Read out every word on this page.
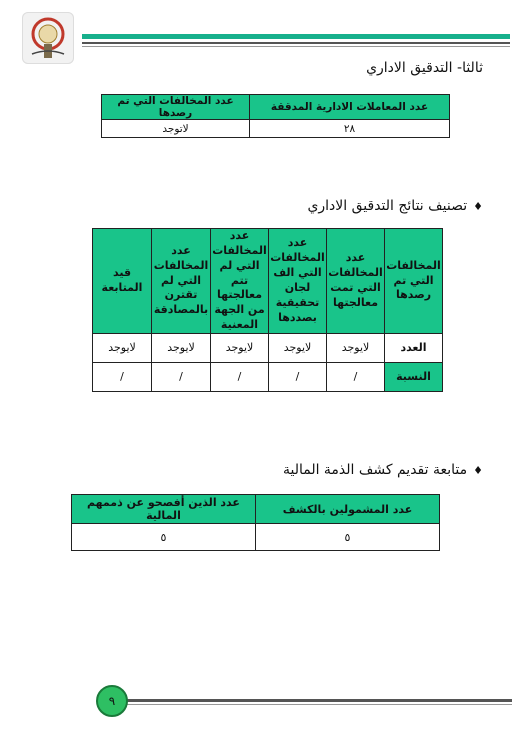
ثالثا- التدقيق الاداري
عدد المعاملات الادارية المدققة	عدد المخالفات التي تم رصدها
٢٨	لاتوجد
♦تصنيف نتائج التدقيق الاداري
المخالفات التي تم رصدها	عدد المخالفات التي تمت معالجتها	عدد المخالفات التي الف لجان تحقيقية بصددها	عدد المخالفات التي لم تتم معالجتها من الجهة المعنية	عدد المخالفات التي لم تقترن بالمصادقة	قيد المتابعة
العدد	لايوجد	لايوجد	لايوجد	لايوجد	لايوجد
النسبة	/	/	/	/	/
♦متابعة تقديم كشف الذمة المالية
عدد المشمولين بالكشف	عدد الذين أفصحو عن ذممهم المالية
٥	٥
٩
